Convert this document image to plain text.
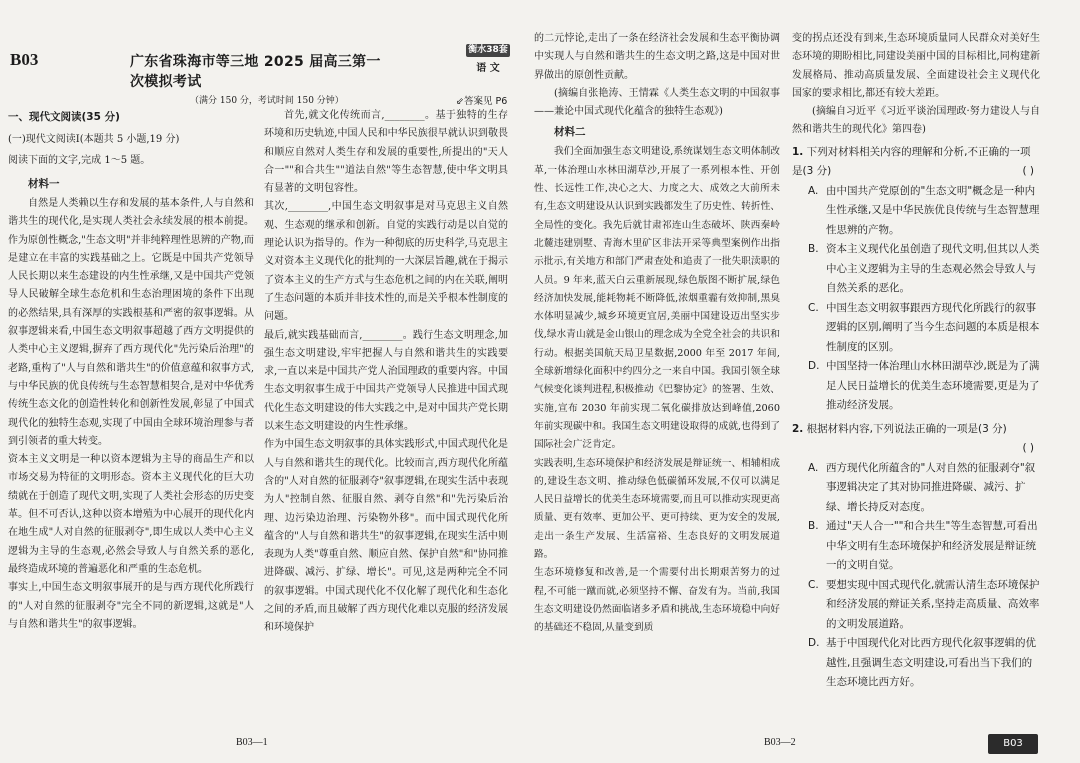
B03	广东省珠海市等三地 2025 届高三第一次模拟考试
衡水38套
语 文
（满分 150 分，考试时间 150 分钟）	⇙答案见 P6
一、现代文阅读(35 分)
(一)现代文阅读Ⅰ(本题共 5 小题,19 分)
阅读下面的文字,完成 1～5 题。
材料一
自然是人类赖以生存和发展的基本条件,人与自然和谐共生的现代化,是实现人类社会永续发展的根本前提。作为原创性概念,"生态文明"并非纯粹理性思辨的产物,而是建立在丰富的实践基础之上。它既是中国共产党领导人民长期以来生态建设的内生性承继,又是中国共产党领导人民破解全球生态危机和生态治理困境的条件下出现的必然结果,具有深厚的实践根基和严密的叙事逻辑。从叙事逻辑来看,中国生态文明叙事超越了西方文明提供的人类中心主义逻辑,摒弃了西方现代化"先污染后治理"的老路,重构了"人与自然和谐共生"的价值意蕴和叙事方式,与中华民族的优良传统与生态智慧相契合,是对中华优秀传统生态文化的创造性转化和创新性发展,彰显了中国式现代化的独特生态观,实现了中国由全球环境治理参与者到引领者的重大转变。
资本主义文明是一种以资本逻辑为主导的商品生产和以市场交易为特征的文明形态。资本主义现代化的巨大功绩就在于创造了现代文明,实现了人类社会形态的历史变革。但不可否认,这种以资本增殖为中心展开的现代化内在地生成"人对自然的征服剥夺",即生成以人类中心主义逻辑为主导的生态观,必然会导致人与自然关系的恶化,最终造成环境的普遍恶化和严重的生态危机。
事实上,中国生态文明叙事展开的是与西方现代化所践行的"人对自然的征服剥夺"完全不同的新逻辑,这就是"人与自然和谐共生"的叙事逻辑。
首先,就文化传统而言,________。基于独特的生存环境和历史轨迹,中国人民和中华民族很早就认识到敬畏和顺应自然对人类生存和发展的重要性,所提出的"天人合一""和合共生""道法自然"等生态智慧,使中华文明具有显著的文明包容性。
其次,________,中国生态文明叙事是对马克思主义自然观、生态观的继承和创新。自觉的实践行动是以自觉的理论认识为指导的。作为一种彻底的历史科学,马克思主义对资本主义现代化的批判的一大深层旨趣,就在于揭示了资本主义的生产方式与生态危机之间的内在关联,阐明了生态问题的本质并非技术性的,而是关乎根本性制度的问题。
最后,就实践基础而言,________。践行生态文明理念,加强生态文明建设,牢牢把握人与自然和谐共生的实践要求,一直以来是中国共产党人治国理政的重要内容。中国生态文明叙事生成于中国共产党领导人民推进中国式现代化生态文明建设的伟大实践之中,是对中国共产党长期以来生态文明建设的内生性承继。
作为中国生态文明叙事的具体实践形式,中国式现代化是人与自然和谐共生的现代化。比较而言,西方现代化所蕴含的"人对自然的征服剥夺"叙事逻辑,在现实生活中表现为人"控制自然、征服自然、剥夺自然"和"先污染后治理、边污染边治理、污染物外移"。而中国式现代化所蕴含的"人与自然和谐共生"的叙事逻辑,在现实生活中则表现为人类"尊重自然、顺应自然、保护自然"和"协同推进降碳、减污、扩绿、增长"。可见,这是两种完全不同的叙事逻辑。中国式现代化不仅化解了现代化和生态化之间的矛盾,而且破解了西方现代化难以克服的经济发展和环境保护
B03—1
的二元悖论,走出了一条在经济社会发展和生态平衡协调中实现人与自然和谐共生的生态文明之路,这是中国对世界做出的原创性贡献。
(摘编自张艳涛、王情霖《人类生态文明的中国叙事——兼论中国式现代化蕴含的独特生态观》)
材料二
我们全面加强生态文明建设,系统谋划生态文明体制改革,一体治理山水林田湖草沙,开展了一系列根本性、开创性、长远性工作,决心之大、力度之大、成效之大前所未有,生态文明建设从认识到实践都发生了历史性、转折性、全局性的变化。我先后就甘肃祁连山生态破坏、陕西秦岭北麓违建别墅、青海木里矿区非法开采等典型案例作出指示批示,有关地方和部门严肃查处和追责了一批失职渎职的人员。9 年来,蓝天白云重新展现,绿色版图不断扩展,绿色经济加快发展,能耗物耗不断降低,浓烟重霾有效抑制,黑臭水体明显减少,城乡环境更宜居,美丽中国建设迈出坚实步伐,绿水青山就是金山银山的理念成为全党全社会的共识和行动。根据美国航天局卫星数据,2000 年至 2017 年间,全球新增绿化面积中约四分之一来自中国。我国引领全球气候变化谈判进程,积极推动《巴黎协定》的签署、生效、实施,宣布 2030 年前实现二氧化碳排放达到峰值,2060 年前实现碳中和。我国生态文明建设取得的成就,也得到了国际社会广泛肯定。
实践表明,生态环境保护和经济发展是辩证统一、相辅相成的,建设生态文明、推动绿色低碳循环发展,不仅可以满足人民日益增长的优美生态环境需要,而且可以推动实现更高质量、更有效率、更加公平、更可持续、更为安全的发展,走出一条生产发展、生活富裕、生态良好的文明发展道路。
生态环境修复和改善,是一个需要付出长期艰苦努力的过程,不可能一蹴而就,必须坚持不懈、奋发有为。当前,我国生态文明建设仍然面临诸多矛盾和挑战,生态环境稳中向好的基础还不稳固,从量变到质
B03—2
变的拐点还没有到来,生态环境质量同人民群众对美好生态环境的期盼相比,同建设美丽中国的目标相比,同构建新发展格局、推动高质量发展、全面建设社会主义现代化国家的要求相比,都还有较大差距。
(摘编自习近平《习近平谈治国理政·努力建设人与自然和谐共生的现代化》第四卷)
1. 下列对材料相关内容的理解和分析,不正确的一项是(3 分)	( )
A. 由中国共产党原创的"生态文明"概念是一种内生性承继,又是中华民族优良传统与生态智慧理性思辨的产物。
B. 资本主义现代化虽创造了现代文明,但其以人类中心主义逻辑为主导的生态观必然会导致人与自然关系的恶化。
C. 中国生态文明叙事跟西方现代化所践行的叙事逻辑的区别,阐明了当今生态问题的本质是根本性制度的区别。
D. 中国坚持一体治理山水林田湖草沙,既是为了满足人民日益增长的优美生态环境需要,更是为了推动经济发展。
2. 根据材料内容,下列说法正确的一项是(3 分)
( )
A. 西方现代化所蕴含的"人对自然的征服剥夺"叙事逻辑决定了其对协同推进降碳、减污、扩绿、增长持反对态度。
B. 通过"天人合一""和合共生"等生态智慧,可看出中华文明有生态环境保护和经济发展是辩证统一的文明自觉。
C. 要想实现中国式现代化,就需认清生态环境保护和经济发展的辩证关系,坚持走高质量、高效率的文明发展道路。
D. 基于中国现代化对比西方现代化叙事逻辑的优越性,且强调生态文明建设,可看出当下我们的生态环境比西方好。
B03
